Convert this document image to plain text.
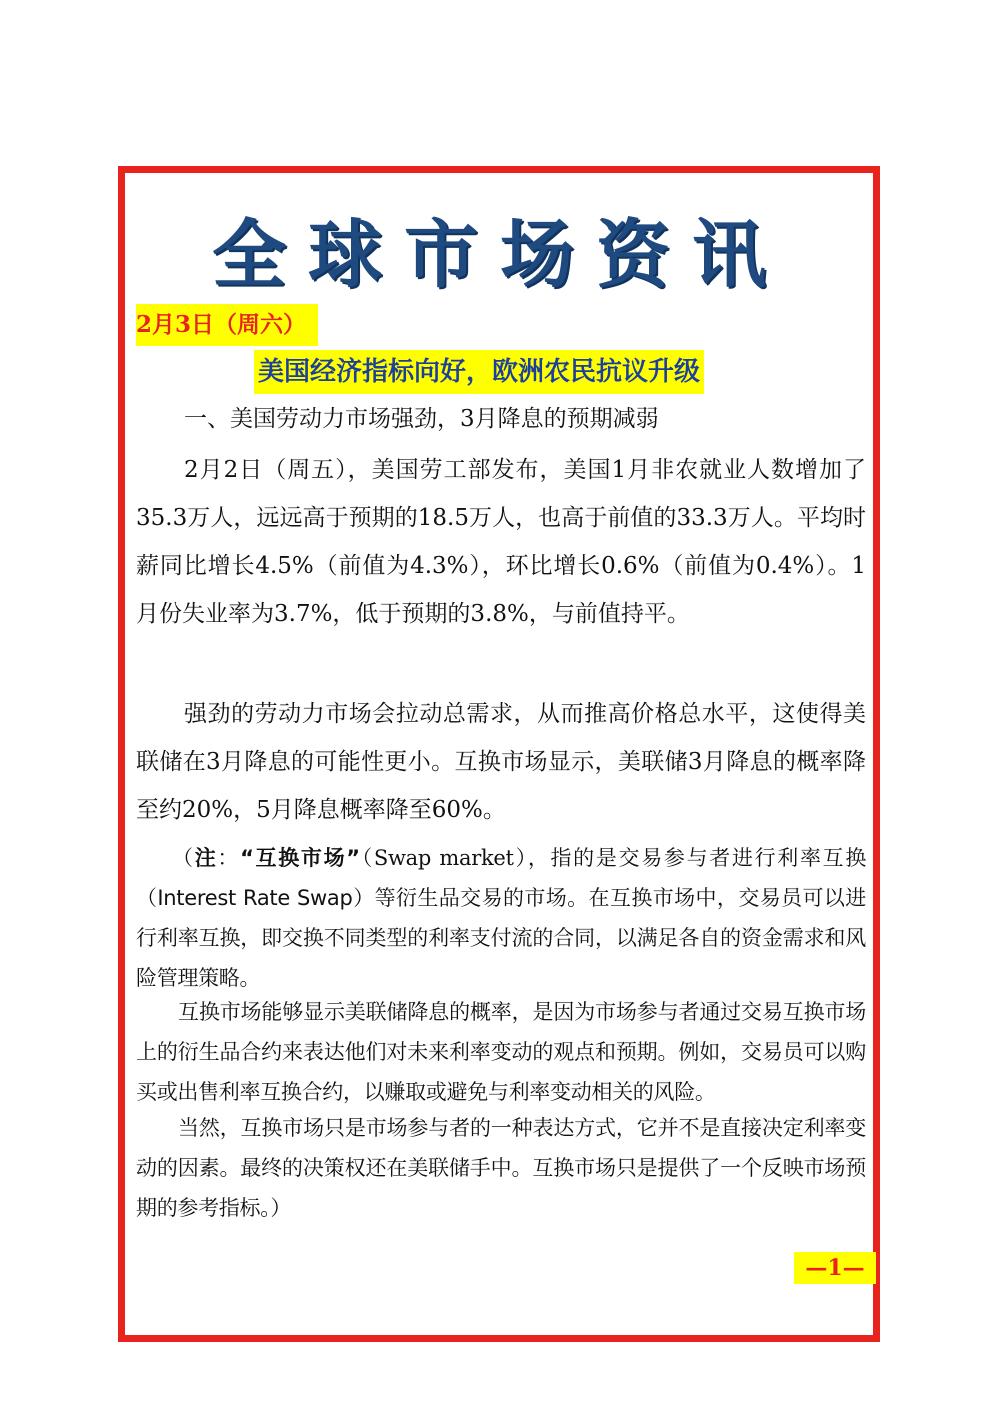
全球市场资讯
2月3日（周六）
美国经济指标向好，欧洲农民抗议升级
一、美国劳动力市场强劲，3月降息的预期减弱

2月2日（周五），美国劳工部发布，美国1月非农就业人数增加了35.3万人，远远高于预期的18.5万人，也高于前值的33.3万人。平均时薪同比增长4.5%（前值为4.3%），环比增长0.6%（前值为0.4%）。1月份失业率为3.7%，低于预期的3.8%，与前值持平。

强劲的劳动力市场会拉动总需求，从而推高价格总水平，这使得美联储在3月降息的可能性更小。互换市场显示，美联储3月降息的概率降至约20%，5月降息概率降至60%。

（注：“互换市场”（Swap market），指的是交易参与者进行利率互换（Interest Rate Swap）等衍生品交易的市场。在互换市场中，交易员可以进行利率互换，即交换不同类型的利率支付流的合同，以满足各自的资金需求和风险管理策略。

互换市场能够显示美联储降息的概率，是因为市场参与者通过交易互换市场上的衍生品合约来表达他们对未来利率变动的观点和预期。例如，交易员可以购买或出售利率互换合约，以赚取或避免与利率变动相关的风险。

当然，互换市场只是市场参与者的一种表达方式，它并不是直接决定利率变动的因素。最终的决策权还在美联储手中。互换市场只是提供了一个反映市场预期的参考指标。）

—1—
